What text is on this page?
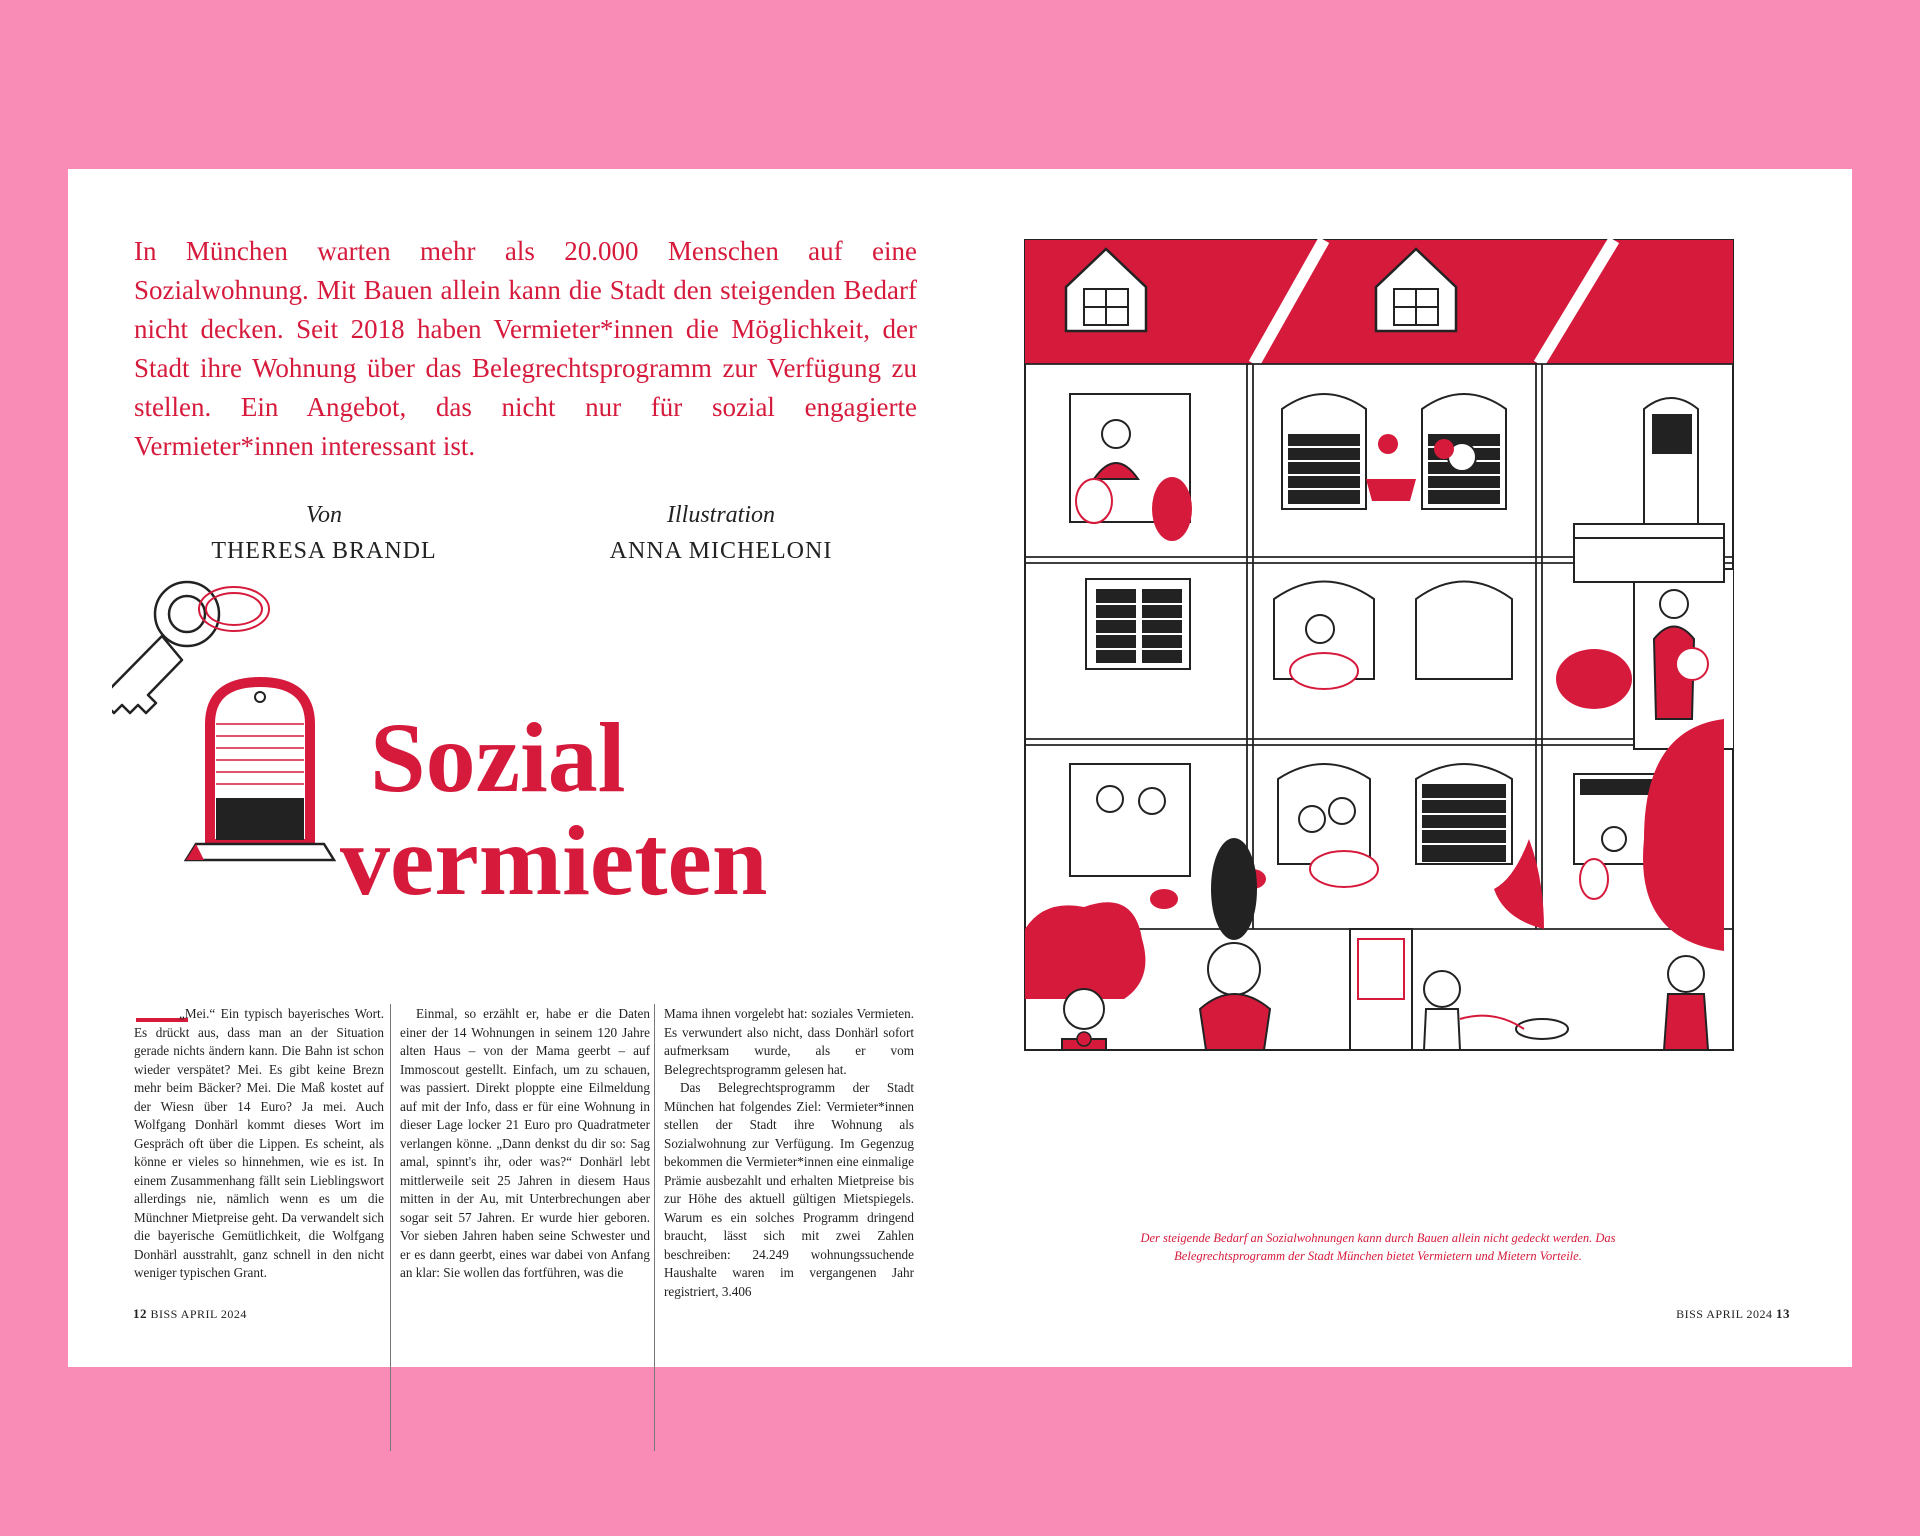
In München warten mehr als 20.000 Menschen auf eine Sozialwohnung. Mit Bauen allein kann die Stadt den steigenden Bedarf nicht decken. Seit 2018 haben Vermieter*innen die Möglichkeit, der Stadt ihre Wohnung über das Belegrechtsprogramm zur Verfügung zu stellen. Ein Angebot, das nicht nur für sozial engagierte Vermieter*innen interessant ist.

Von
THERESA BRANDL
Illustration
ANNA MICHELONI
Sozial
vermieten

„Mei.“ Ein typisch bayerisches Wort. Es drückt aus, dass man an der Situation gerade nichts ändern kann. Die Bahn ist schon wieder verspätet? Mei. Es gibt keine Brezn mehr beim Bäcker? Mei. Die Maß kostet auf der Wiesn über 14 Euro? Ja mei. Auch Wolfgang Donhärl kommt dieses Wort im Gespräch oft über die Lippen. Es scheint, als könne er vieles so hinnehmen, wie es ist. In einem Zusammenhang fällt sein Lieblingswort allerdings nie, nämlich wenn es um die Münchner Mietpreise geht. Da verwandelt sich die bayerische Gemütlichkeit, die Wolfgang Donhärl ausstrahlt, ganz schnell in den nicht weniger typischen Grant.

Einmal, so erzählt er, habe er die Daten einer der 14 Wohnungen in seinem 120 Jahre alten Haus – von der Mama geerbt – auf Immoscout gestellt. Einfach, um zu schauen, was passiert. Direkt ploppte eine Eilmeldung auf mit der Info, dass er für eine Wohnung in dieser Lage locker 21 Euro pro Quadratmeter verlangen könne. „Dann denkst du dir so: Sag amal, spinnt's ihr, oder was?“ Donhärl lebt mittlerweile seit 25 Jahren in diesem Haus mitten in der Au, mit Unterbrechungen aber sogar seit 57 Jahren. Er wurde hier geboren. Vor sieben Jahren haben seine Schwester und er es dann geerbt, eines war dabei von Anfang an klar: Sie wollen das fortführen, was die

Mama ihnen vorgelebt hat: soziales Vermieten. Es verwundert also nicht, dass Donhärl sofort aufmerksam wurde, als er vom Belegrechtsprogramm gelesen hat.

Das Belegrechtsprogramm der Stadt München hat folgendes Ziel: Vermieter*innen stellen der Stadt ihre Wohnung als Sozialwohnung zur Verfügung. Im Gegenzug bekommen die Vermieter*innen eine einmalige Prämie ausbezahlt und erhalten Mietpreise bis zur Höhe des aktuell gültigen Mietspiegels. Warum es ein solches Programm dringend braucht, lässt sich mit zwei Zahlen beschreiben: 24.249 wohnungssuchende Haushalte waren im vergangenen Jahr registriert, 3.406

12 BISS APRIL 2024	BISS APRIL 2024 13

Der steigende Bedarf an Sozialwohnungen kann durch Bauen allein nicht gedeckt werden. Das Belegrechtsprogramm der Stadt München bietet Vermietern und Mietern Vorteile.
